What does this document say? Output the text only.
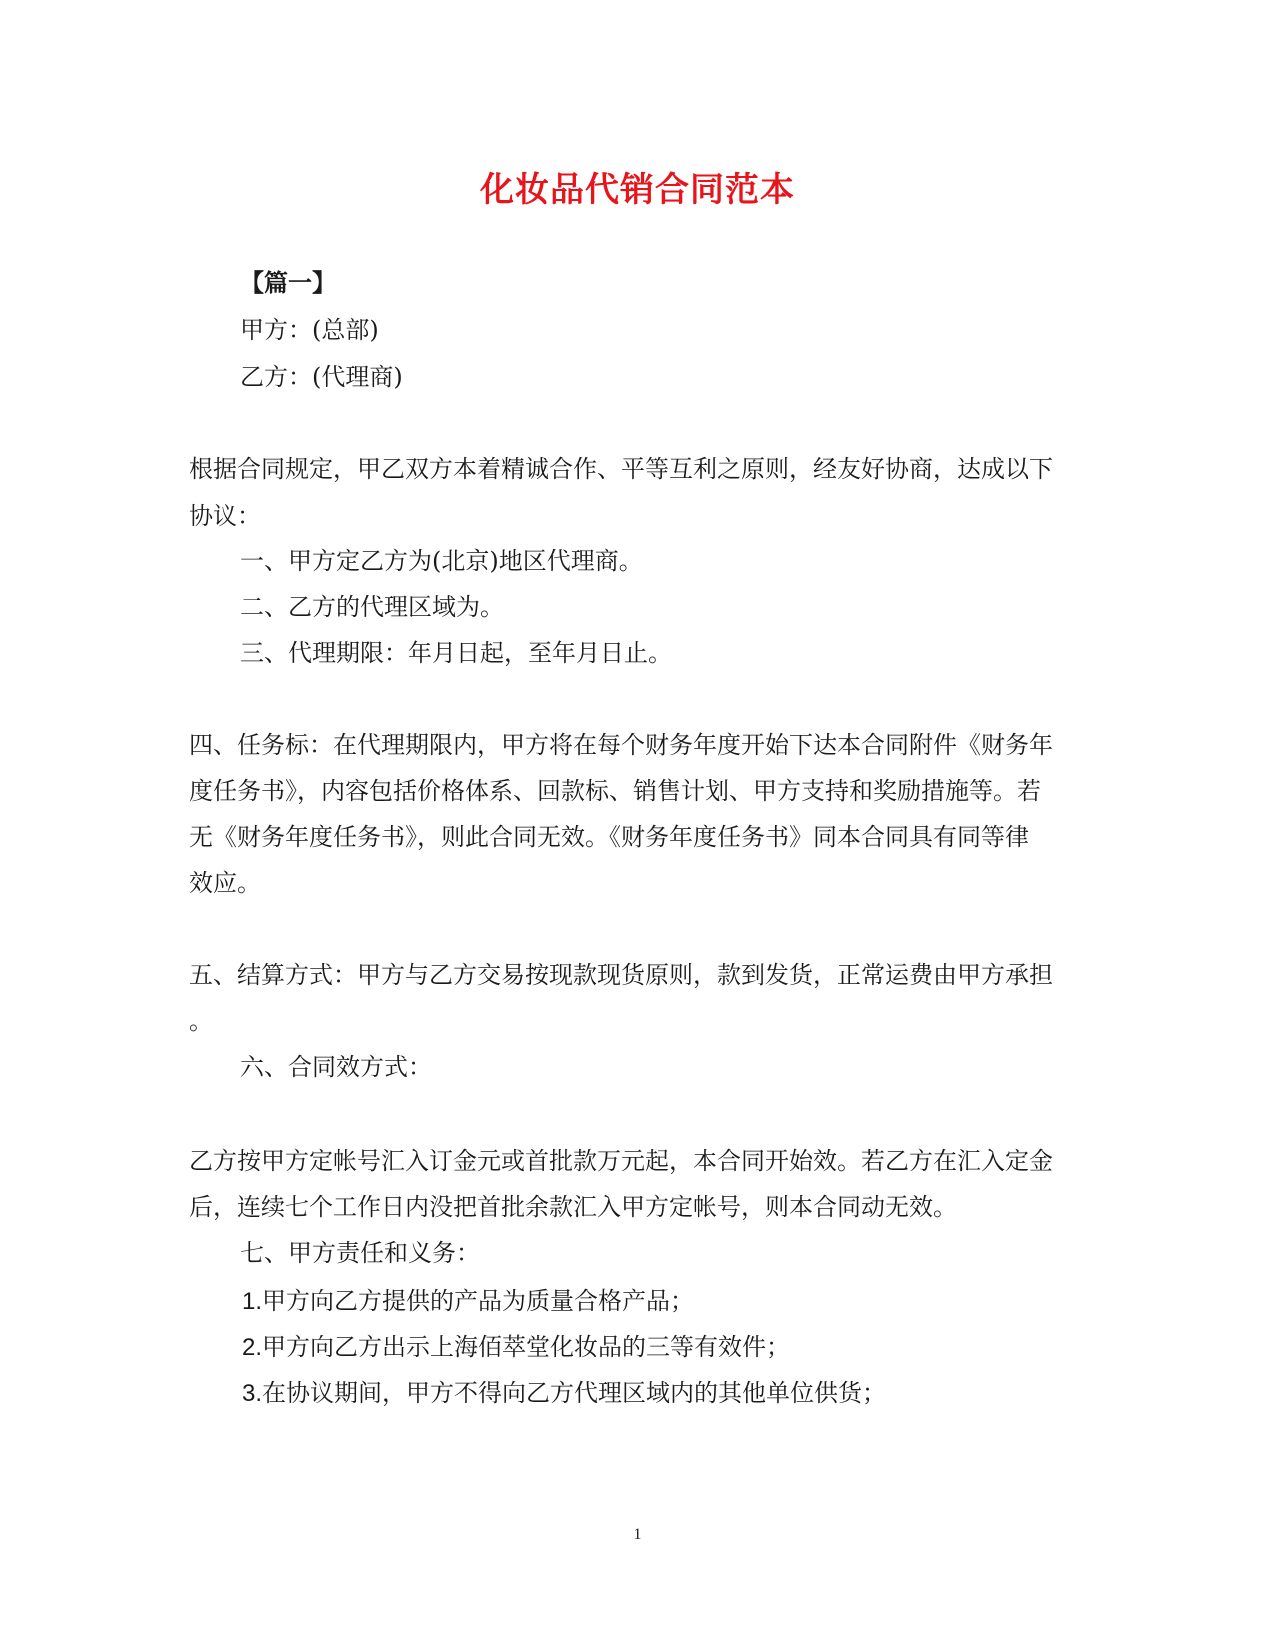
化妆品代销合同范本

【篇一】

甲方：(总部)

乙方：(代理商)

根据合同规定，甲乙双方本着精诚合作、平等互利之原则，经友好协商，达成以下

协议：

一、甲方定乙方为(北京)地区代理商。

二、乙方的代理区域为。

三、代理期限：年月日起，至年月日止。

四、任务标：在代理期限内，甲方将在每个财务年度开始下达本合同附件《财务年

度任务书》，内容包括价格体系、回款标、销售计划、甲方支持和奖励措施等。若

无《财务年度任务书》，则此合同无效。《财务年度任务书》同本合同具有同等律

效应。

五、结算方式：甲方与乙方交易按现款现货原则，款到发货，正常运费由甲方承担

。

六、合同效方式：

乙方按甲方定帐号汇入订金元或首批款万元起，本合同开始效。若乙方在汇入定金

后，连续七个工作日内没把首批余款汇入甲方定帐号，则本合同动无效。

七、甲方责任和义务：

1.甲方向乙方提供的产品为质量合格产品；

2.甲方向乙方出示上海佰萃堂化妆品的三等有效件；

3.在协议期间，甲方不得向乙方代理区域内的其他单位供货；

1
